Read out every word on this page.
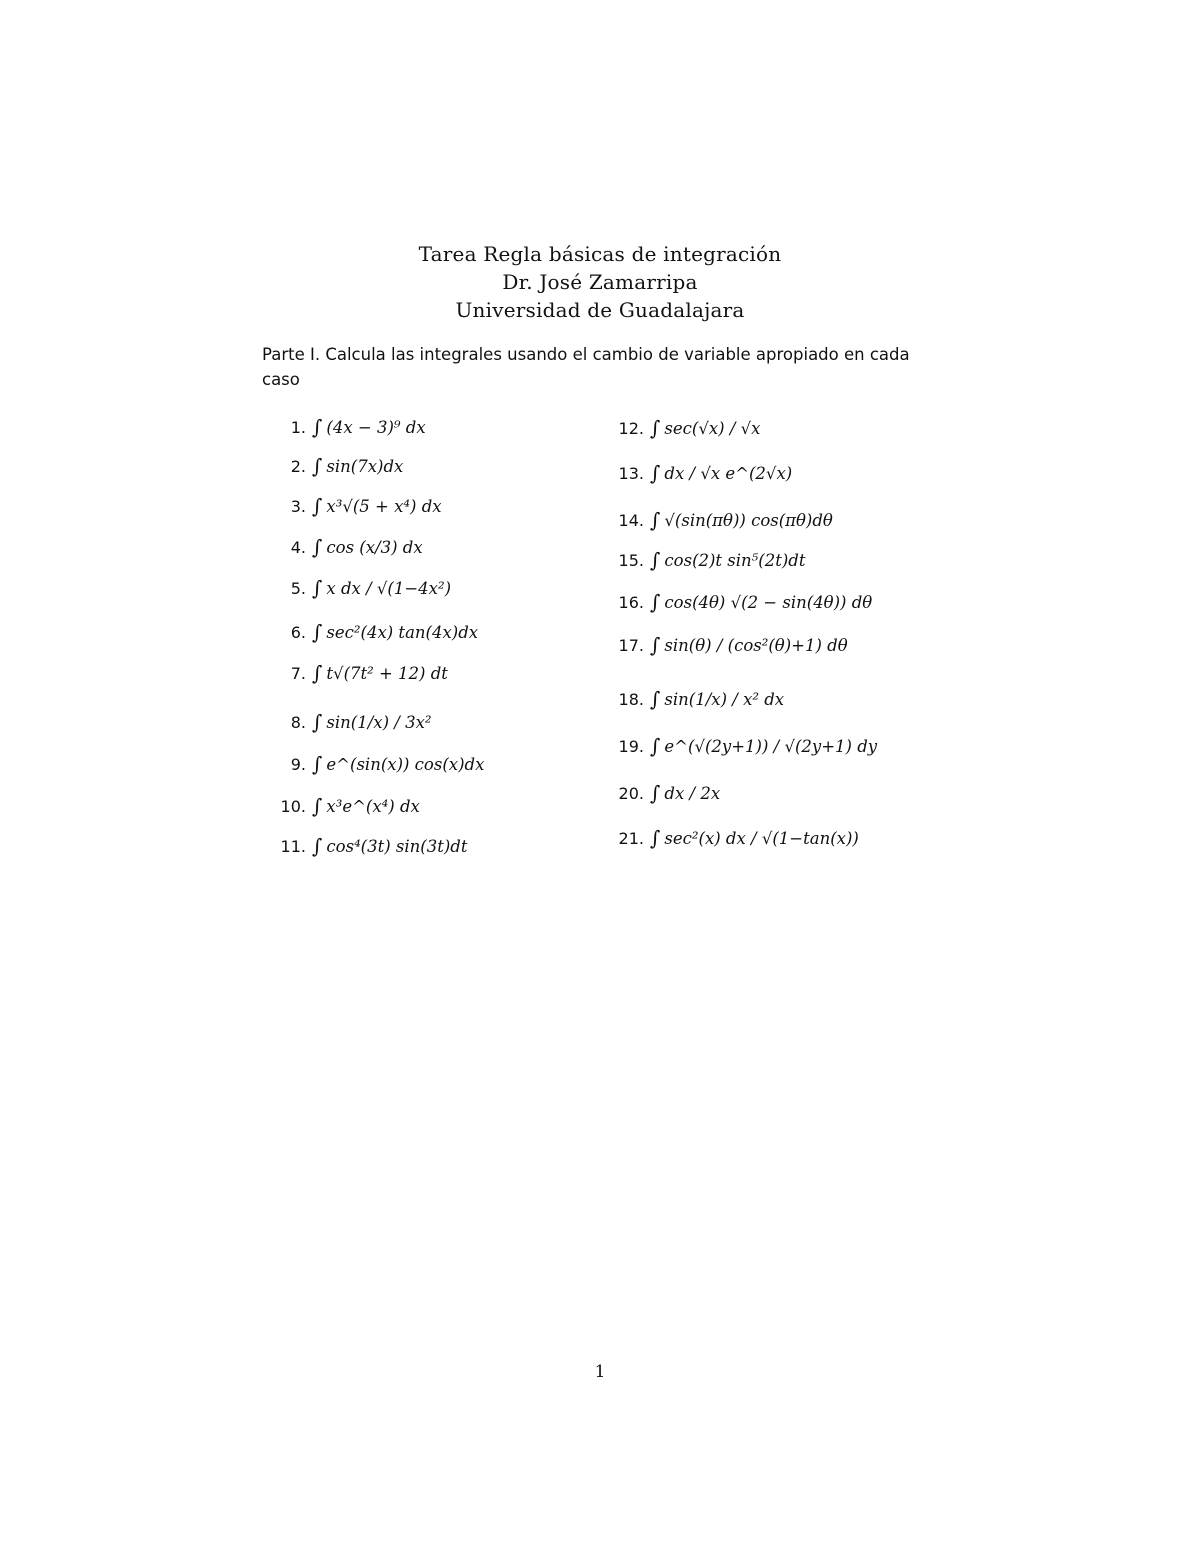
Tarea Regla básicas de integración
Dr. José Zamarripa
Universidad de Guadalajara
Parte I. Calcula las integrales usando el cambio de variable apropiado en cada caso
1. ∫ (4x − 3)⁹ dx
2. ∫ sin(7x)dx
3. ∫ x³√(5 + x⁴) dx
4. ∫ cos (x/3) dx
5. ∫ x dx / √(1−4x²)
6. ∫ sec²(4x) tan(4x)dx
7. ∫ t√(7t² + 12) dt
8. ∫ sin(1/x) / 3x²
9. ∫ e^(sin(x)) cos(x)dx
10. ∫ x³e^(x⁴) dx
11. ∫ cos⁴(3t) sin(3t)dt
12. ∫ sec(√x) / √x
13. ∫ dx / √x e^(2√x)
14. ∫ √(sin(πθ)) cos(πθ)dθ
15. ∫ cos(2)t sin⁵(2t)dt
16. ∫ cos(4θ) √(2 − sin(4θ)) dθ
17. ∫ sin(θ) / (cos²(θ)+1) dθ
18. ∫ sin(1/x) / x² dx
19. ∫ e^(√(2y+1)) / √(2y+1) dy
20. ∫ dx / 2x
21. ∫ sec²(x) dx / √(1−tan(x))
1
